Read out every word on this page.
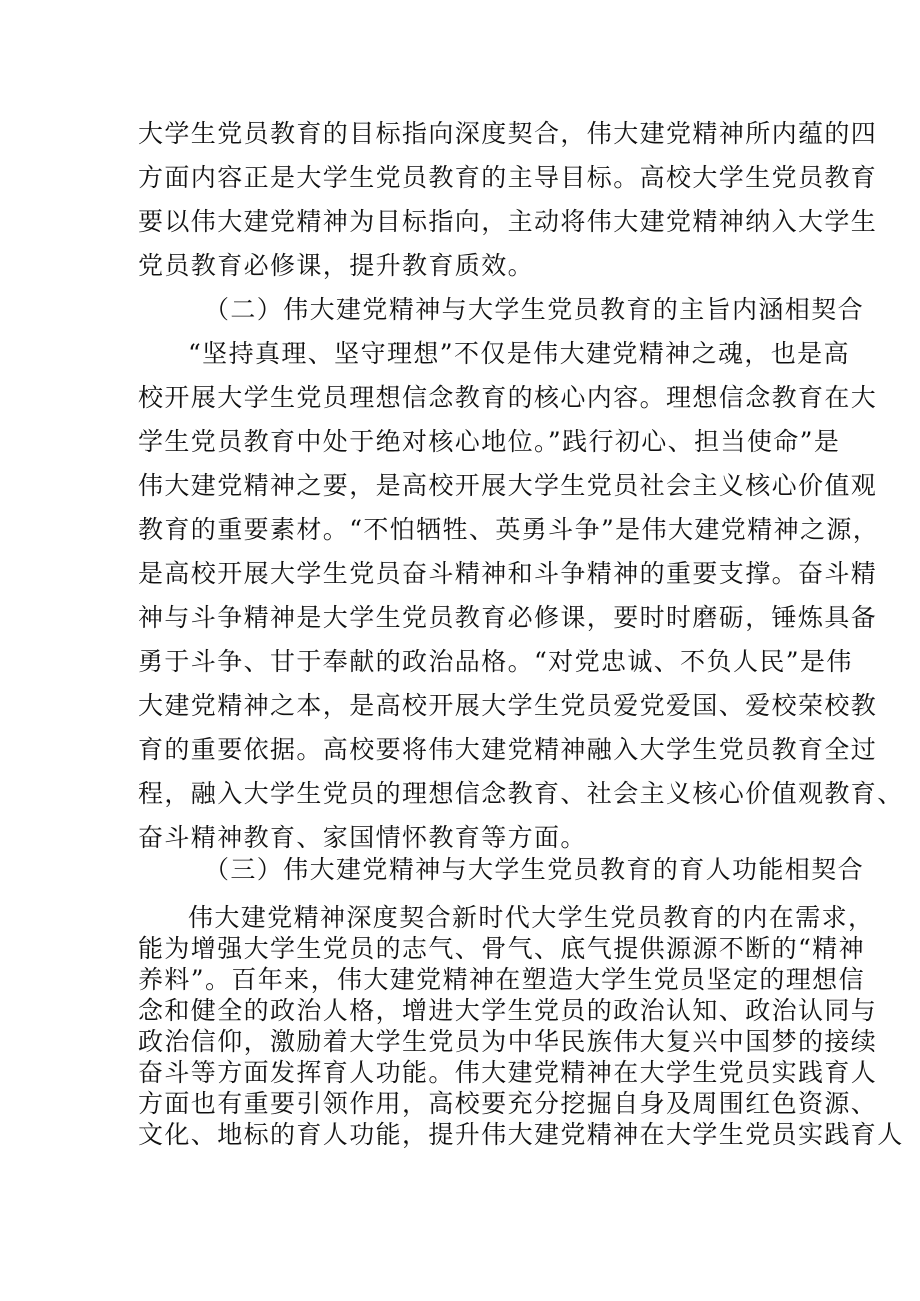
大学生党员教育的目标指向深度契合，伟大建党精神所内蕴的四
方面内容正是大学生党员教育的主导目标。高校大学生党员教育
要以伟大建党精神为目标指向，主动将伟大建党精神纳入大学生
党员教育必修课，提升教育质效。
（二）伟大建党精神与大学生党员教育的主旨内涵相契合
“坚持真理、坚守理想”不仅是伟大建党精神之魂，也是高
校开展大学生党员理想信念教育的核心内容。理想信念教育在大
学生党员教育中处于绝对核心地位。”践行初心、担当使命”是
伟大建党精神之要，是高校开展大学生党员社会主义核心价值观
教育的重要素材。“不怕牺牲、英勇斗争”是伟大建党精神之源，
是高校开展大学生党员奋斗精神和斗争精神的重要支撑。奋斗精
神与斗争精神是大学生党员教育必修课，要时时磨砺，锤炼具备
勇于斗争、甘于奉献的政治品格。“对党忠诚、不负人民”是伟
大建党精神之本，是高校开展大学生党员爱党爱国、爱校荣校教
育的重要依据。高校要将伟大建党精神融入大学生党员教育全过
程，融入大学生党员的理想信念教育、社会主义核心价值观教育、
奋斗精神教育、家国情怀教育等方面。
（三）伟大建党精神与大学生党员教育的育人功能相契合
伟大建党精神深度契合新时代大学生党员教育的内在需求，
能为增强大学生党员的志气、骨气、底气提供源源不断的“精神
养料”。百年来，伟大建党精神在塑造大学生党员坚定的理想信
念和健全的政治人格，增进大学生党员的政治认知、政治认同与
政治信仰，激励着大学生党员为中华民族伟大复兴中国梦的接续
奋斗等方面发挥育人功能。伟大建党精神在大学生党员实践育人
方面也有重要引领作用，高校要充分挖掘自身及周围红色资源、
文化、地标的育人功能，提升伟大建党精神在大学生党员实践育人
